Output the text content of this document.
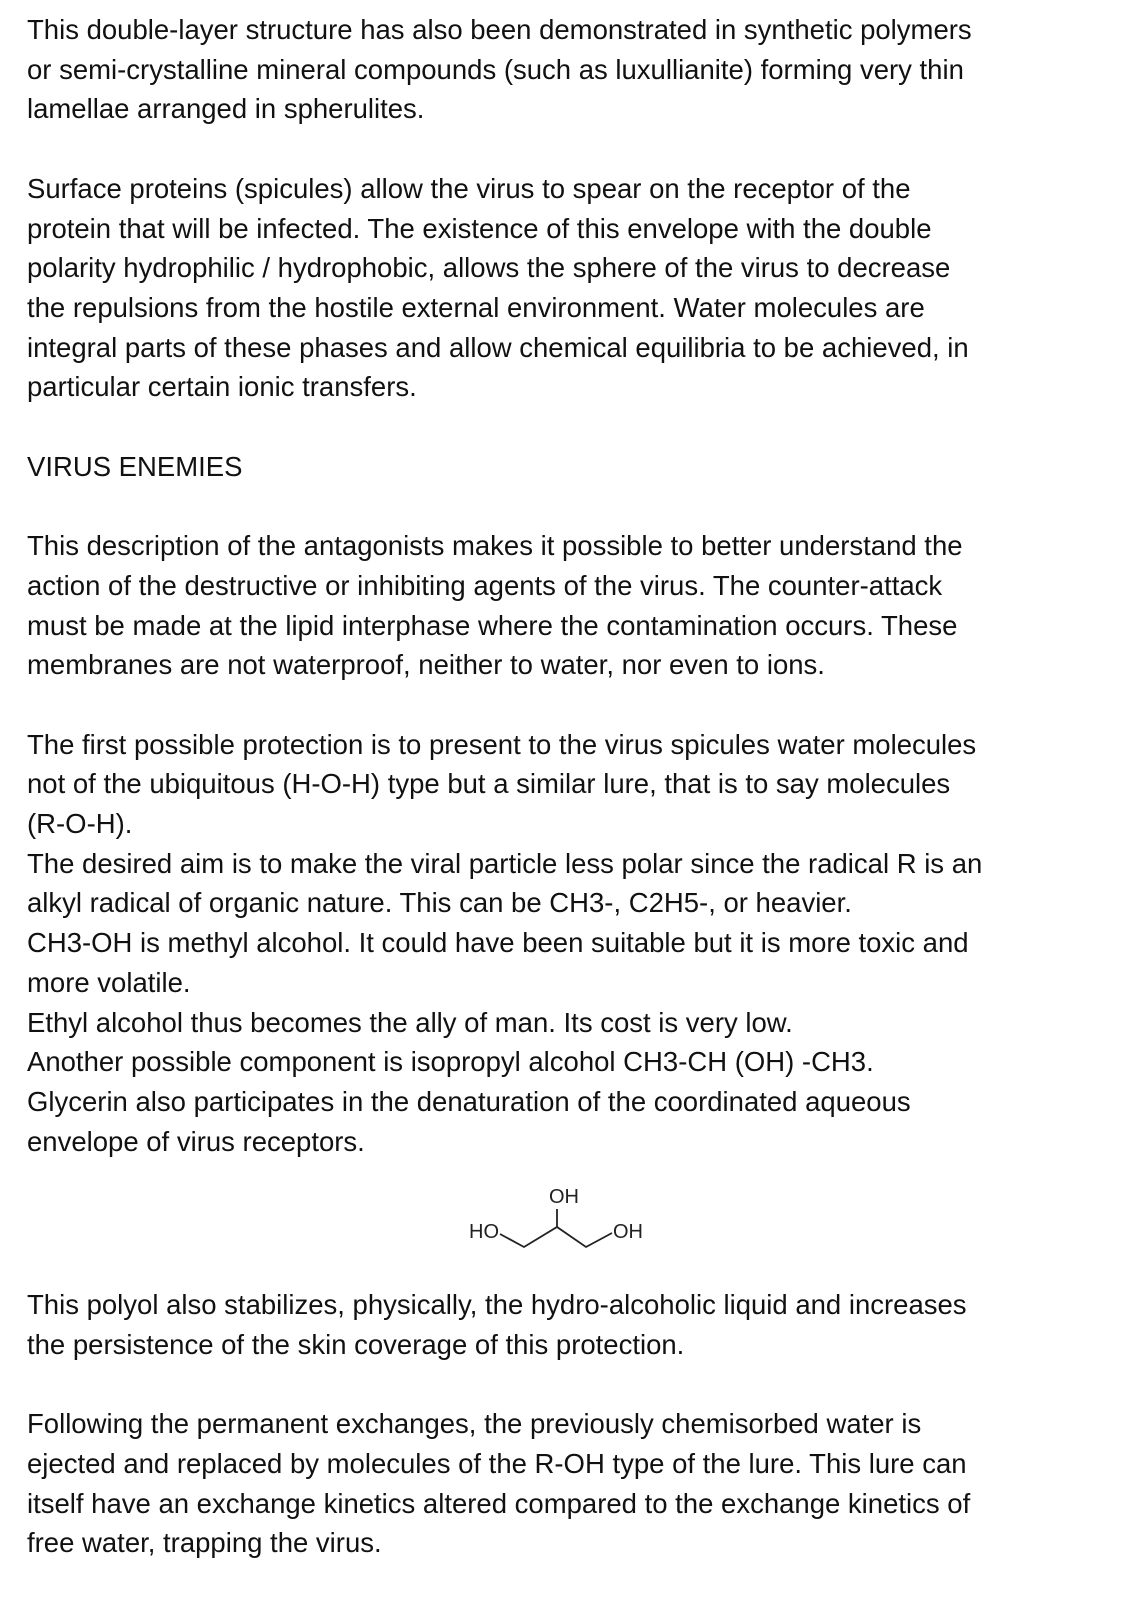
This double-layer structure has also been demonstrated in synthetic polymers
or semi-crystalline mineral compounds (such as luxullianite) forming very thin
lamellae arranged in spherulites.

Surface proteins (spicules) allow the virus to spear on the receptor of the
protein that will be infected. The existence of this envelope with the double
polarity hydrophilic / hydrophobic, allows the sphere of the virus to decrease
the repulsions from the hostile external environment. Water molecules are
integral parts of these phases and allow chemical equilibria to be achieved, in
particular certain ionic transfers.

VIRUS ENEMIES

This description of the antagonists makes it possible to better understand the
action of the destructive or inhibiting agents of the virus. The counter-attack
must be made at the lipid interphase where the contamination occurs. These
membranes are not waterproof, neither to water, nor even to ions.

The first possible protection is to present to the virus spicules water molecules
not of the ubiquitous (H-O-H) type but a similar lure, that is to say molecules
(R-O-H).
The desired aim is to make the viral particle less polar since the radical R is an
alkyl radical of organic nature. This can be CH3-, C2H5-, or heavier.
CH3-OH is methyl alcohol. It could have been suitable but it is more toxic and
more volatile.
Ethyl alcohol thus becomes the ally of man. Its cost is very low.
Another possible component is isopropyl alcohol CH3-CH (OH) -CH3.
Glycerin also participates in the denaturation of the coordinated aqueous
envelope of virus receptors.

HO
OH
OH

This polyol also stabilizes, physically, the hydro-alcoholic liquid and increases
the persistence of the skin coverage of this protection.

Following the permanent exchanges, the previously chemisorbed water is
ejected and replaced by molecules of the R-OH type of the lure. This lure can
itself have an exchange kinetics altered compared to the exchange kinetics of
free water, trapping the virus.
